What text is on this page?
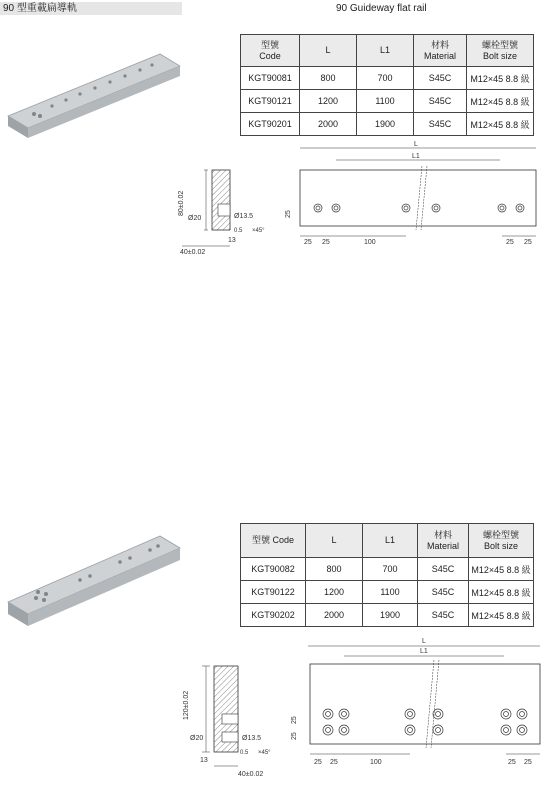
90 型重載扁導軌	90 Guideway flat rail
型號
Code	L	L1	材料
Material	螺栓型號
Bolt size

KGT90081	800	700	S45C	M12×45 8.8 級
KGT90121	1200	1100	S45C	M12×45 8.8 級
KGT90201	2000	1900	S45C	M12×45 8.8 級
80±0.02
Ø20	Ø13.5
0.5 ×45°
13
40±0.02
L
L1
25
25 25	100	25 25
型號 Code	L	L1	材料
Material	螺栓型號
Bolt size

KGT90082	800	700	S45C	M12×45 8.8 級
KGT90122	1200	1100	S45C	M12×45 8.8 級
KGT90202	2000	1900	S45C	M12×45 8.8 級
120±0.02
Ø20	Ø13.5
0.5 ×45°
13
40±0.02
L
L1
25
25
25 25	100	25 25
